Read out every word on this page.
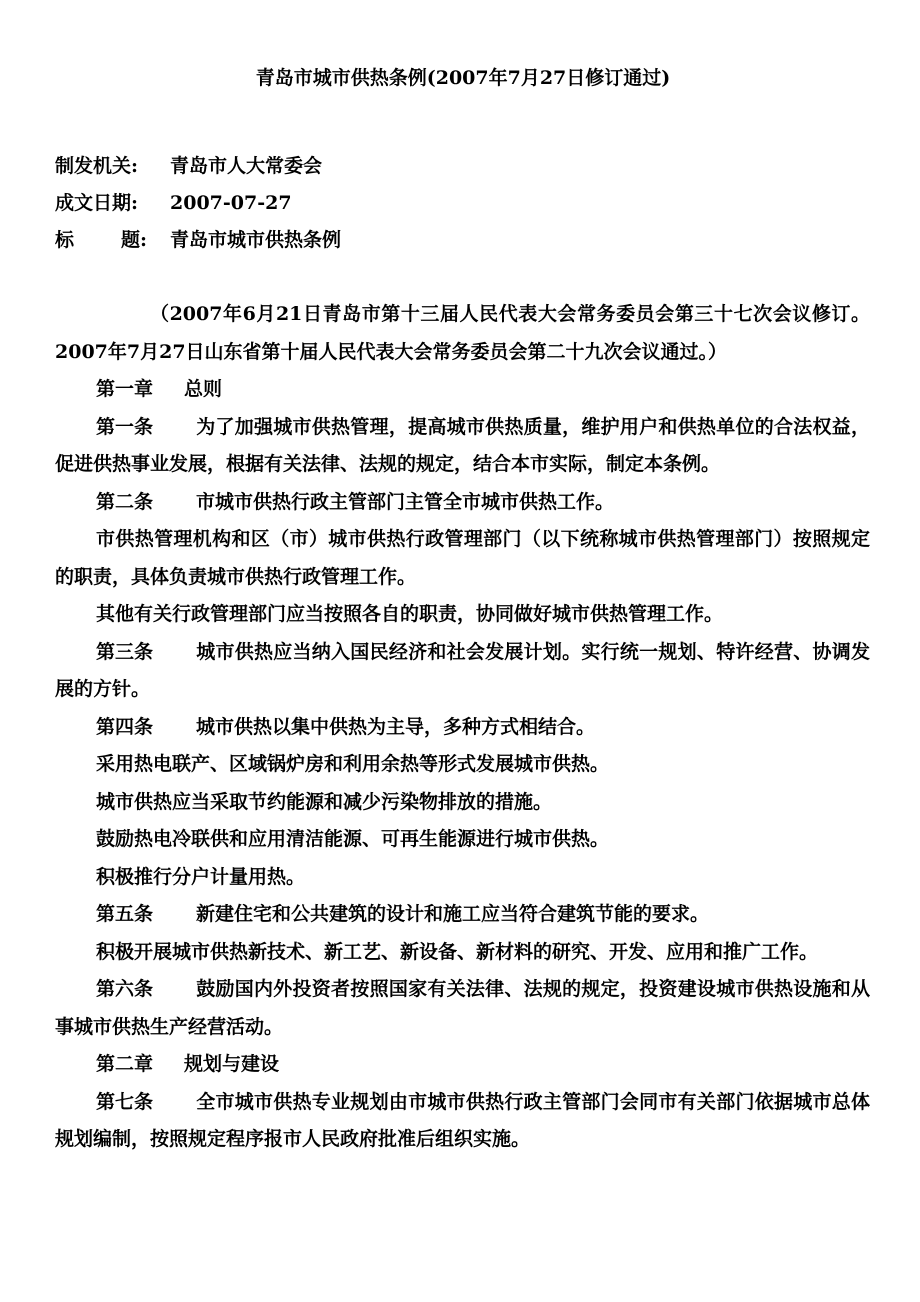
青岛市城市供热条例(2007年7月27日修订通过)
制发机关: 青岛市人大常委会
成文日期: 2007-07-27
标 题: 青岛市城市供热条例

（2007年6月21日青岛市第十三届人民代表大会常务委员会第三十七次会议修订。2007年7月27日山东省第十届人民代表大会常务委员会第二十九次会议通过。）

第一章 总则

第一条 为了加强城市供热管理，提高城市供热质量，维护用户和供热单位的合法权益，促进供热事业发展，根据有关法律、法规的规定，结合本市实际，制定本条例。

第二条 市城市供热行政主管部门主管全市城市供热工作。

市供热管理机构和区（市）城市供热行政管理部门（以下统称城市供热管理部门）按照规定的职责，具体负责城市供热行政管理工作。

其他有关行政管理部门应当按照各自的职责，协同做好城市供热管理工作。

第三条 城市供热应当纳入国民经济和社会发展计划。实行统一规划、特许经营、协调发展的方针。

第四条 城市供热以集中供热为主导，多种方式相结合。

采用热电联产、区域锅炉房和利用余热等形式发展城市供热。

城市供热应当采取节约能源和减少污染物排放的措施。

鼓励热电冷联供和应用清洁能源、可再生能源进行城市供热。

积极推行分户计量用热。

第五条 新建住宅和公共建筑的设计和施工应当符合建筑节能的要求。

积极开展城市供热新技术、新工艺、新设备、新材料的研究、开发、应用和推广工作。

第六条 鼓励国内外投资者按照国家有关法律、法规的规定，投资建设城市供热设施和从事城市供热生产经营活动。

第二章 规划与建设

第七条 全市城市供热专业规划由市城市供热行政主管部门会同市有关部门依据城市总体规划编制，按照规定程序报市人民政府批准后组织实施。
